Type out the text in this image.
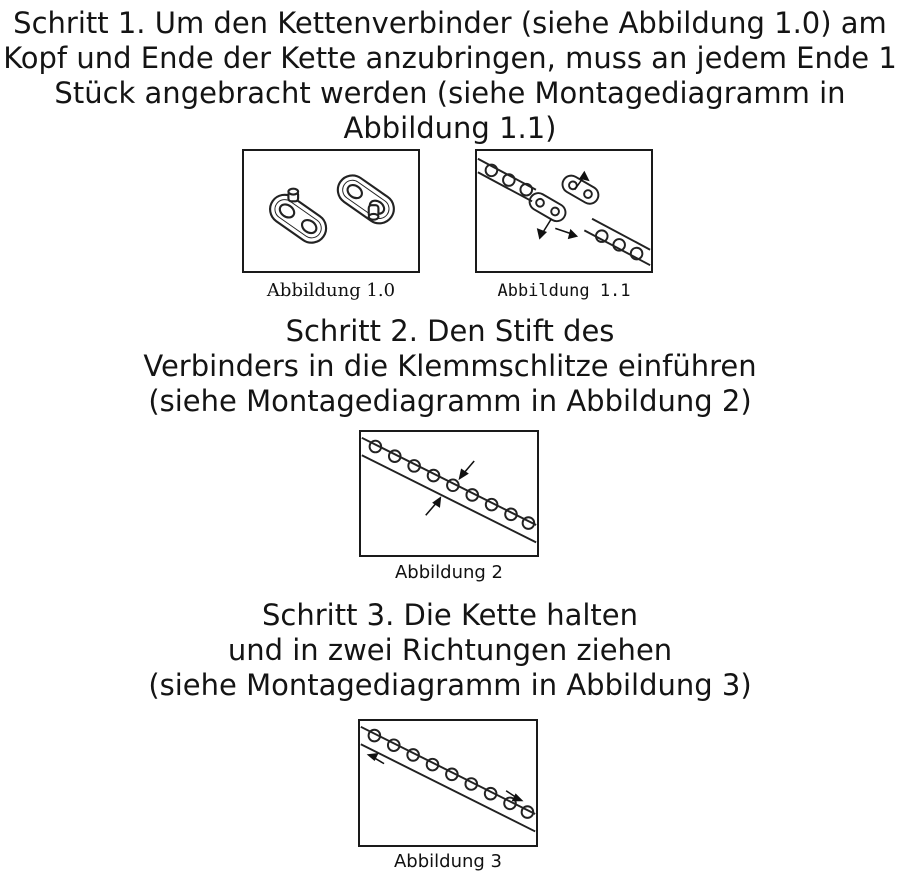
Schritt 1. Um den Kettenverbinder (siehe Abbildung 1.0) am
Kopf und Ende der Kette anzubringen, muss an jedem Ende 1
Stück angebracht werden (siehe Montagediagramm in
Abbildung 1.1)
Abbildung 1.0	Abbildung 1.1
Schritt 2. Den Stift des
Verbinders in die Klemmschlitze einführen
(siehe Montagediagramm in Abbildung 2)
Abbildung 2
Schritt 3. Die Kette halten
und in zwei Richtungen ziehen
(siehe Montagediagramm in Abbildung 3)
Abbildung 3
